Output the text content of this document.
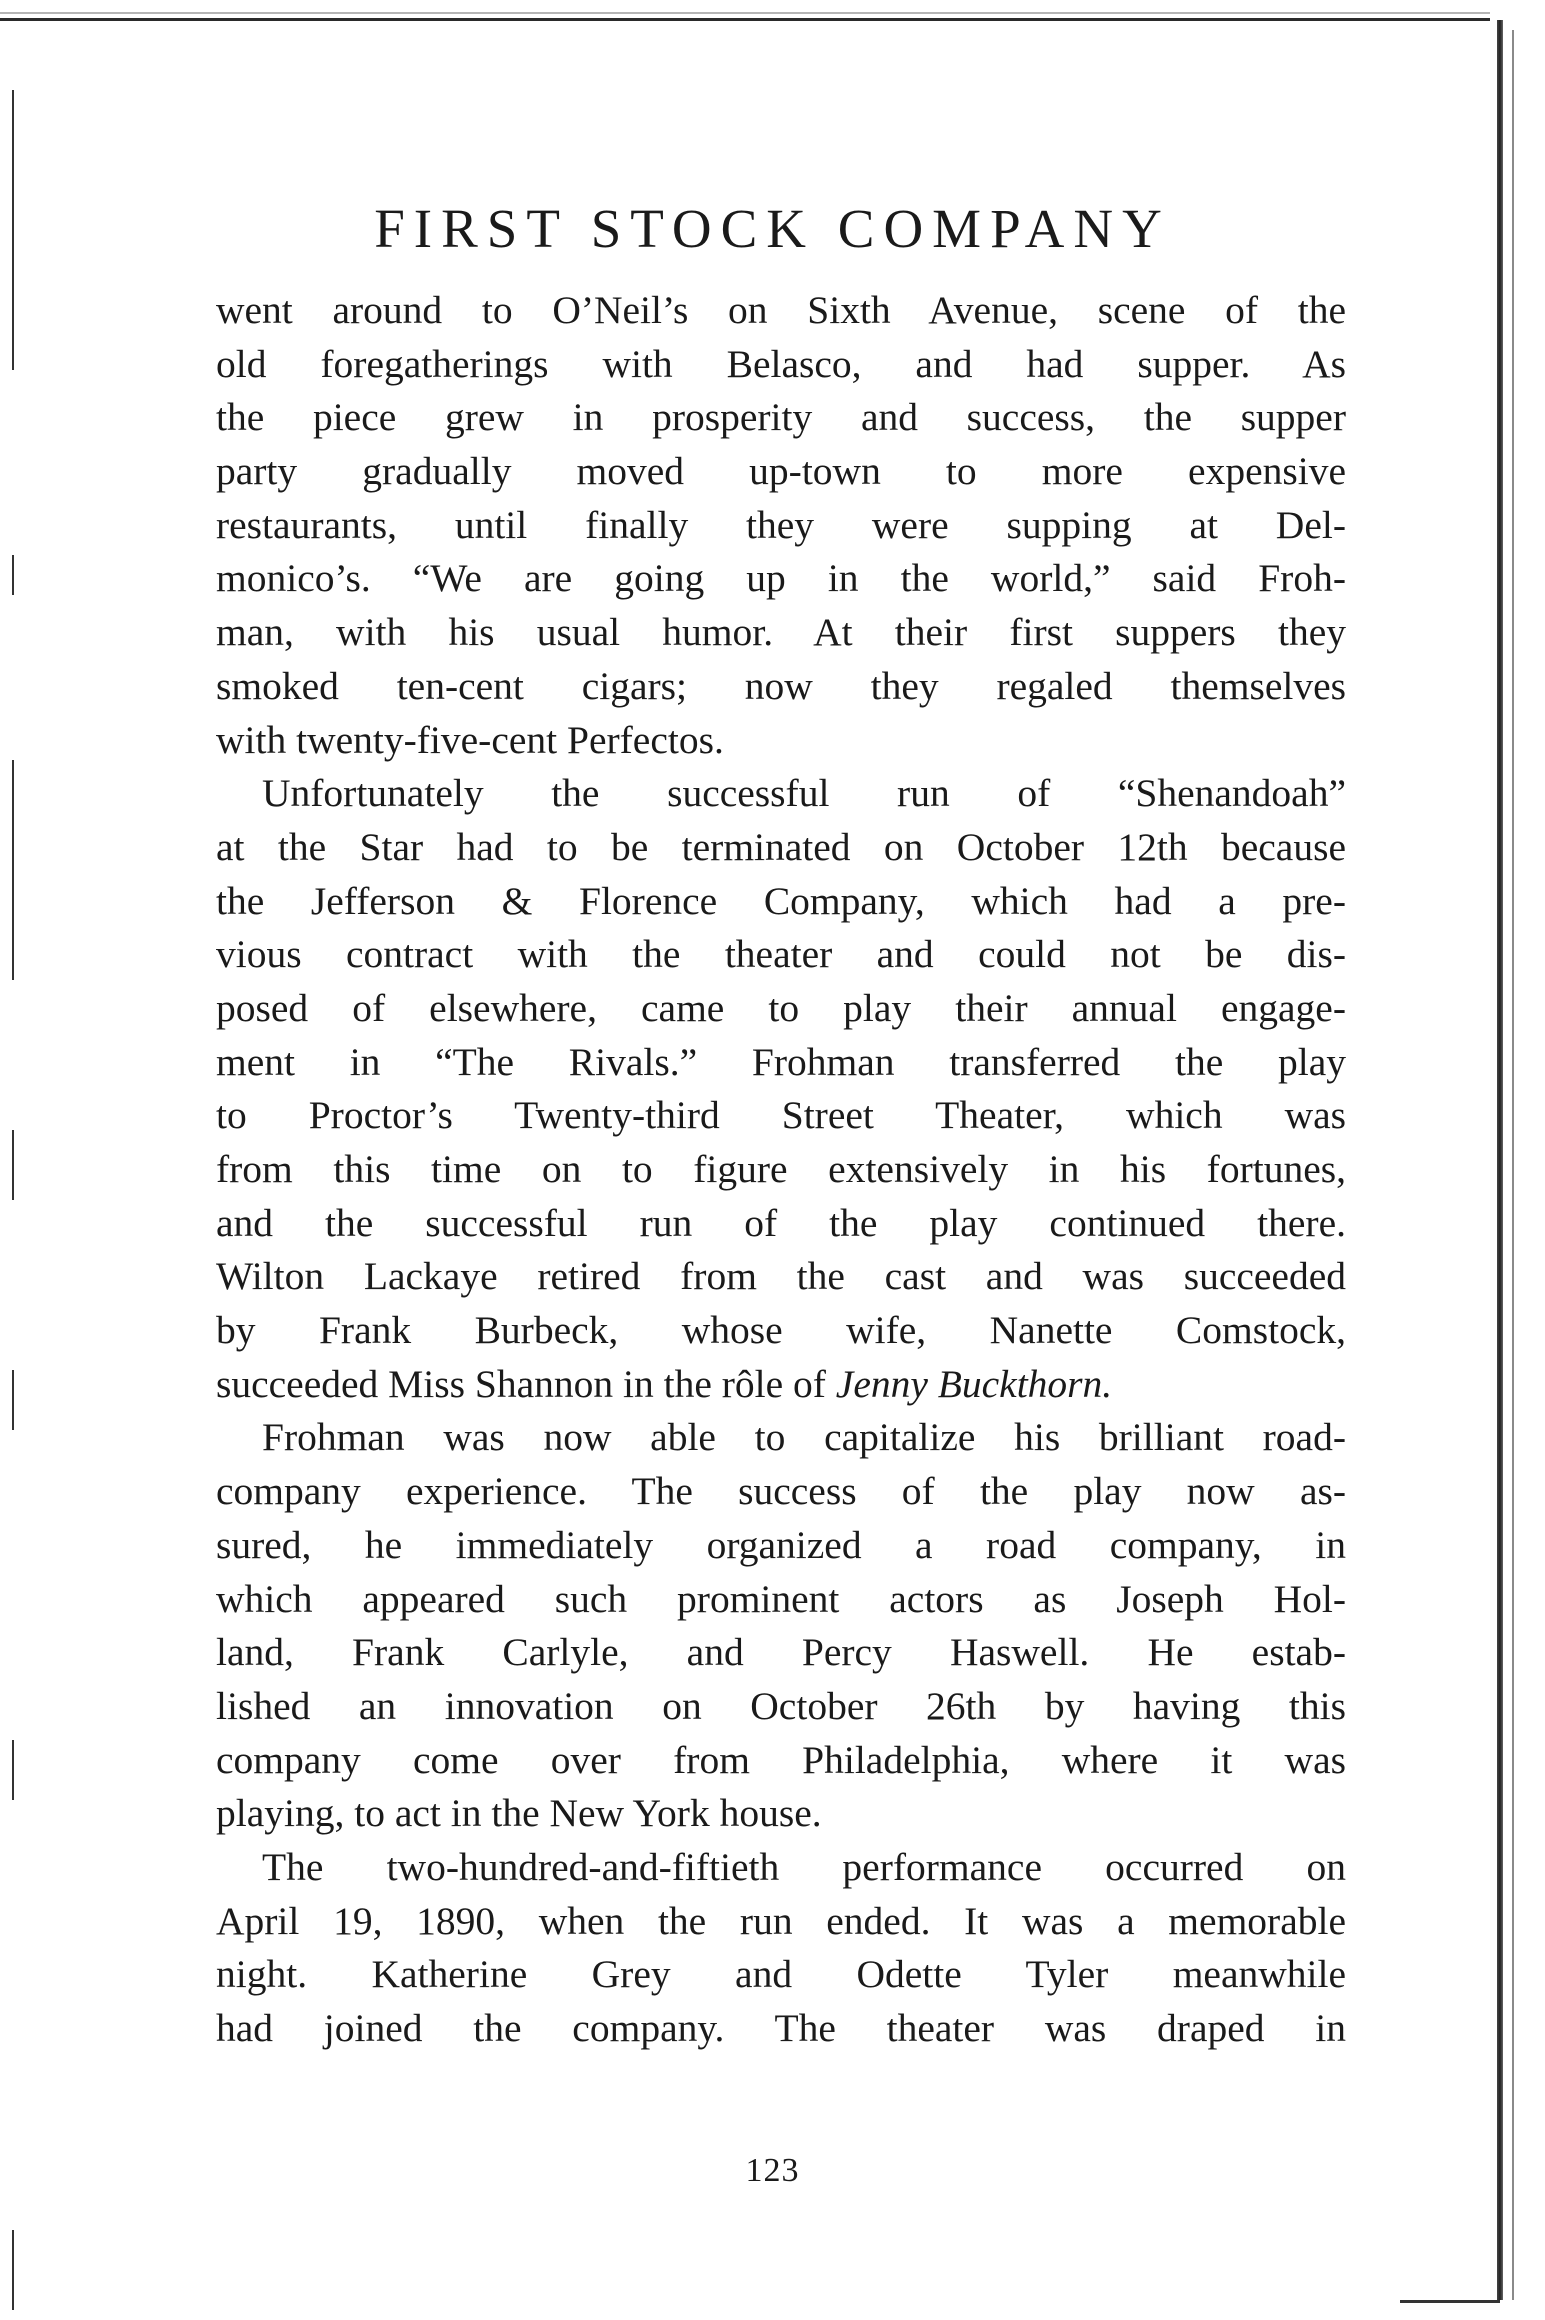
FIRST STOCK COMPANY
went around to O’Neil’s on Sixth Avenue, scene of the
old foregatherings with Belasco, and had supper. As
the piece grew in prosperity and success, the supper
party gradually moved up-town to more expensive
restaurants, until finally they were supping at Del-
monico’s. “We are going up in the world,” said Froh-
man, with his usual humor. At their first suppers they
smoked ten-cent cigars; now they regaled themselves
with twenty-five-cent Perfectos.
Unfortunately the successful run of “Shenandoah”
at the Star had to be terminated on October 12th because
the Jefferson & Florence Company, which had a pre-
vious contract with the theater and could not be dis-
posed of elsewhere, came to play their annual engage-
ment in “The Rivals.” Frohman transferred the play
to Proctor’s Twenty-third Street Theater, which was
from this time on to figure extensively in his fortunes,
and the successful run of the play continued there.
Wilton Lackaye retired from the cast and was succeeded
by Frank Burbeck, whose wife, Nanette Comstock,
succeeded Miss Shannon in the rôle of Jenny Buckthorn.
Frohman was now able to capitalize his brilliant road-
company experience. The success of the play now as-
sured, he immediately organized a road company, in
which appeared such prominent actors as Joseph Hol-
land, Frank Carlyle, and Percy Haswell. He estab-
lished an innovation on October 26th by having this
company come over from Philadelphia, where it was
playing, to act in the New York house.
The two-hundred-and-fiftieth performance occurred on
April 19, 1890, when the run ended. It was a memorable
night. Katherine Grey and Odette Tyler meanwhile
had joined the company. The theater was draped in
123
